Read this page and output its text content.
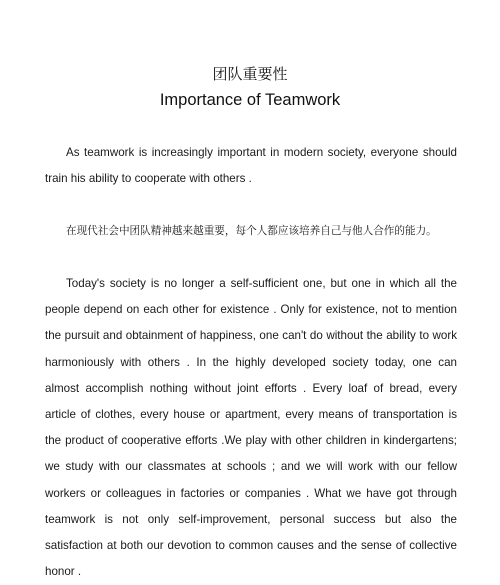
团队重要性
Importance of Teamwork

As teamwork is increasingly important in modern society, everyone should train his ability to cooperate with others .

在现代社会中团队精神越来越重要，每个人都应该培养自己与他人合作的能力。

Today's society is no longer a self-sufficient one, but one in which all the people depend on each other for existence . Only for existence, not to mention the pursuit and obtainment of happiness, one can't do without the ability to work harmoniously with others . In the highly developed society today, one can almost accomplish nothing without joint efforts . Every loaf of bread, every article of clothes, every house or apartment, every means of transportation is the product of cooperative efforts .We play with other children in kindergartens; we study with our classmates at schools ; and we will work with our fellow workers or colleagues in factories or companies . What we have got through teamwork is not only self-improvement, personal success but also the satisfaction at both our devotion to common causes and the sense of collective honor .
